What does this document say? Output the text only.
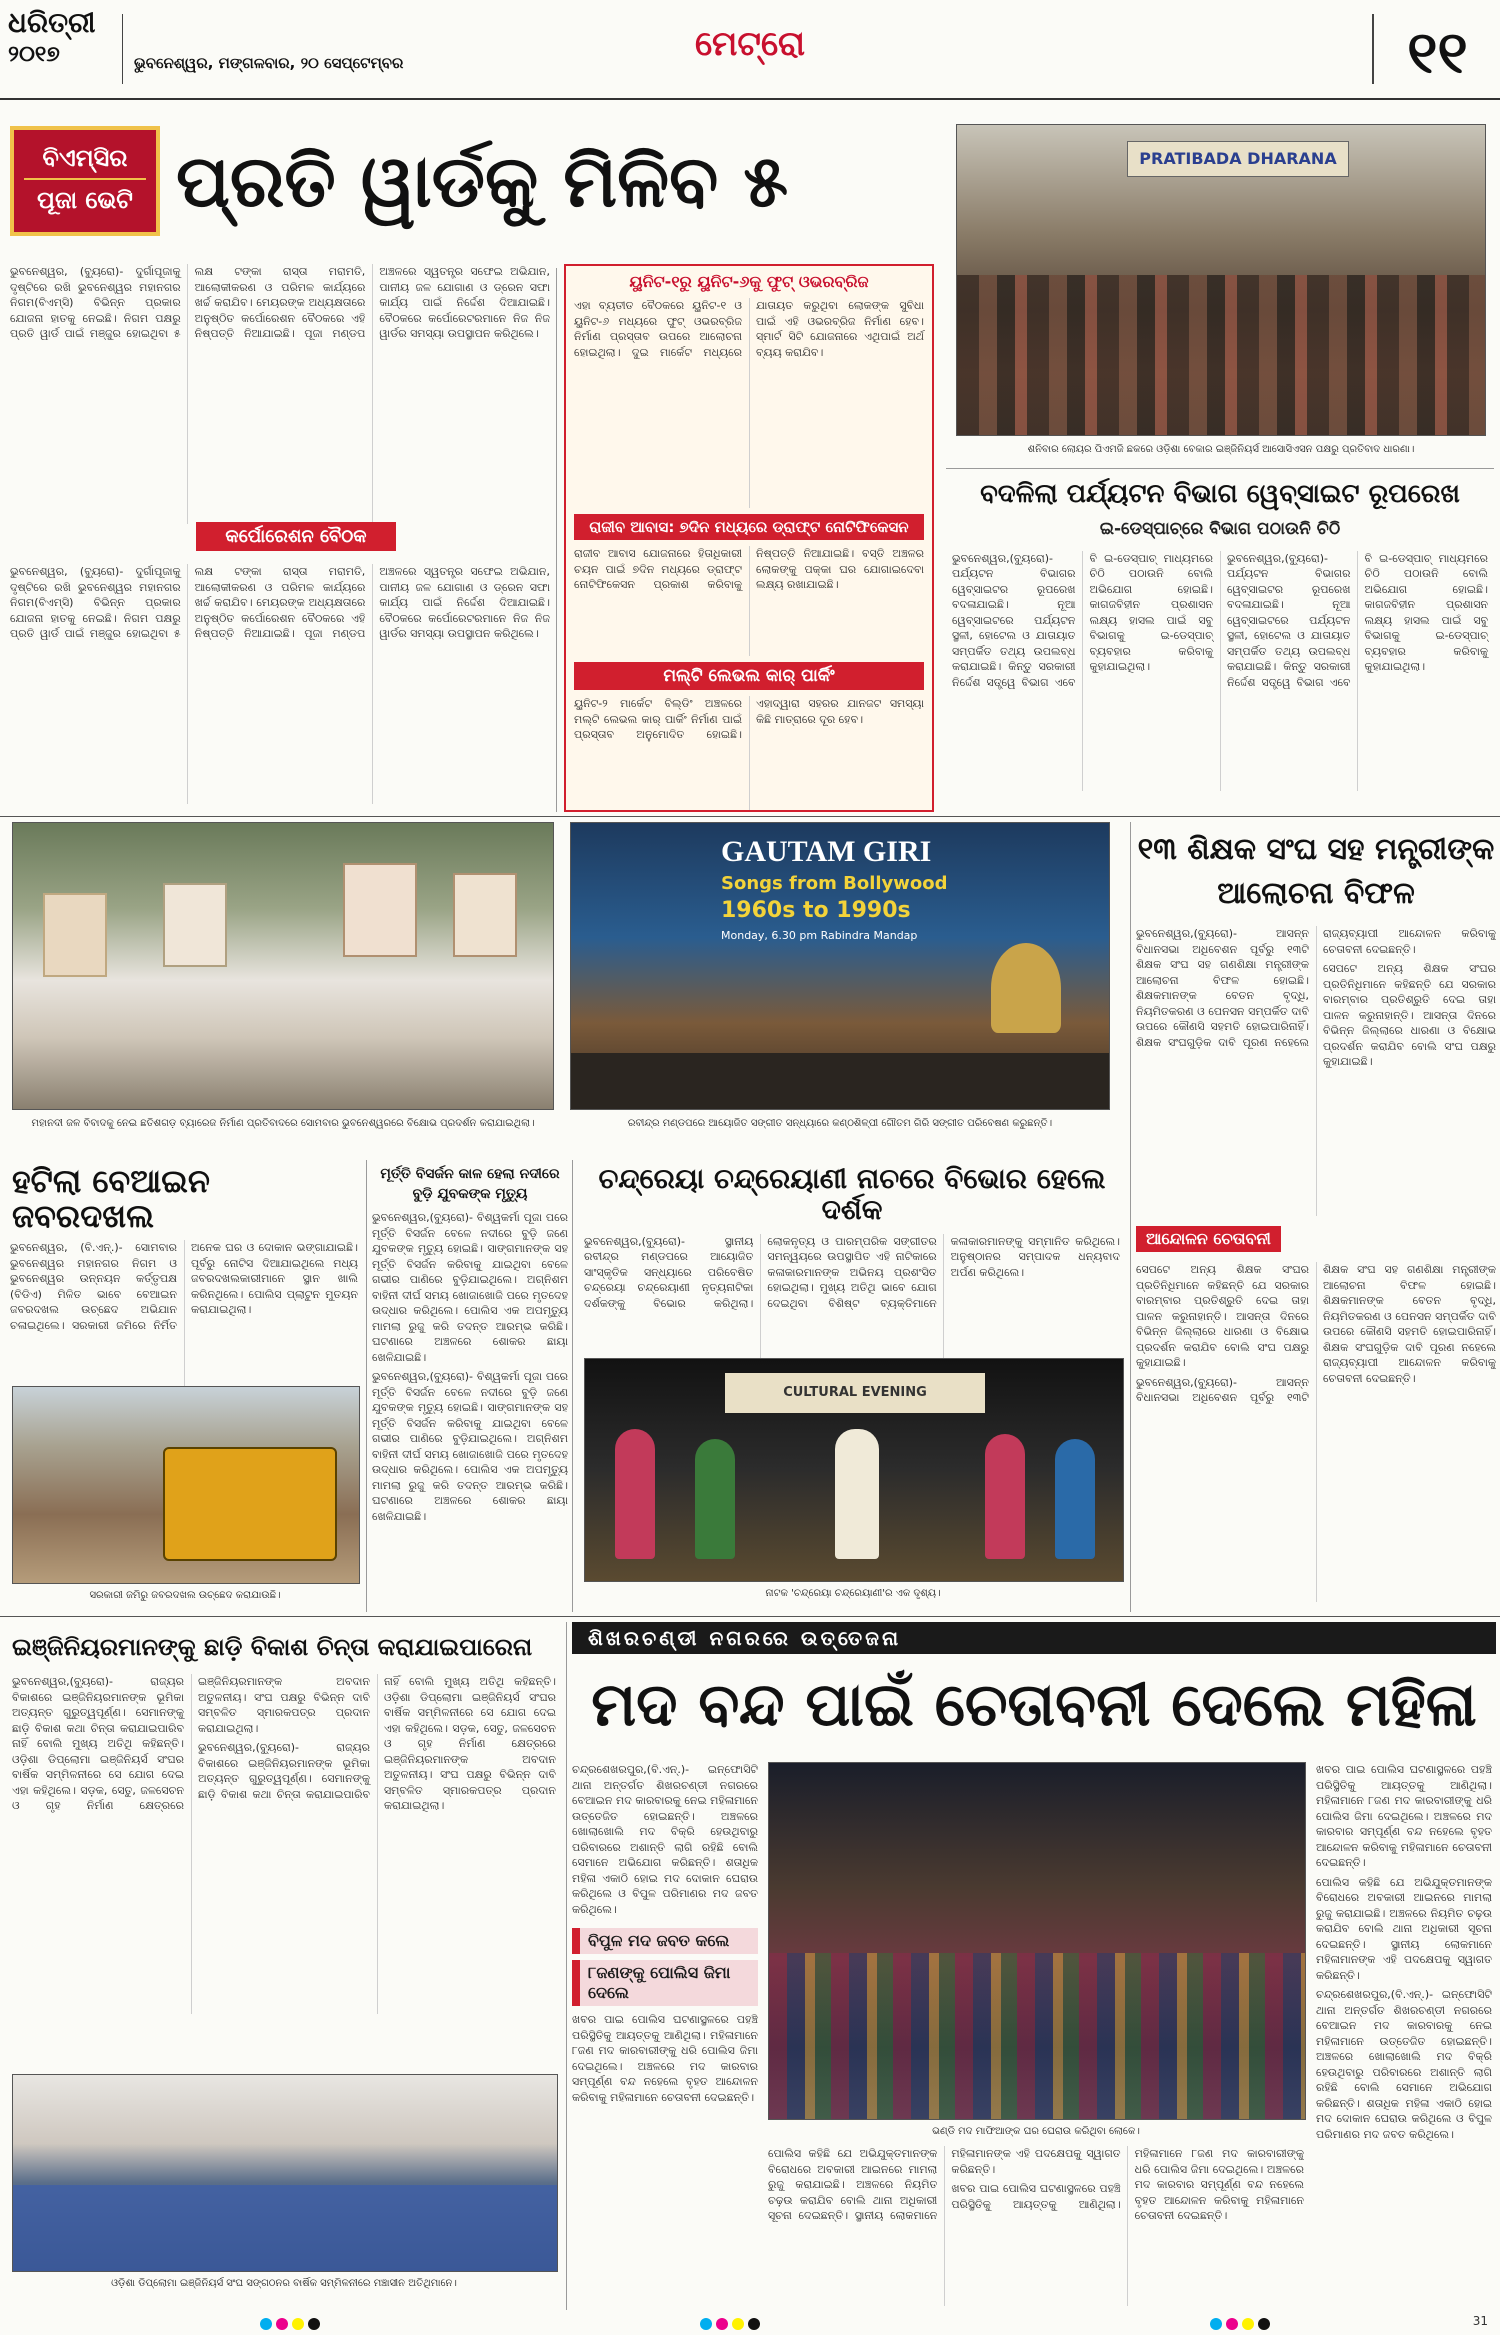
ଧରିତ୍ରୀ
୨୦୧୭	ଭୁବନେଶ୍ୱର, ମଙ୍ଗଳବାର, ୨୦ ସେପ୍ଟେମ୍ବର	ମେଟ୍ରୋ	୧୧
ବିଏମ୍‌ସିର
ପୂଜା ଭେଟି ପ୍ରତି ୱାର୍ଡକୁ ମିଳିବ ୫

ଭୁବନେଶ୍ୱର, (ବ୍ୟୁରୋ)- ଦୁର୍ଗାପୂଜାକୁ ଦୃଷ୍ଟିରେ ରଖି ଭୁବନେଶ୍ୱର ମହାନଗର ନିଗମ(ବିଏମ୍‌ସି) ବିଭିନ୍ନ ପ୍ରକାର ଯୋଜନା ହାତକୁ ନେଇଛି। ନିଗମ ପକ୍ଷରୁ ପ୍ରତି ୱାର୍ଡ ପାଇଁ ମଞ୍ଜୁର ହୋଇଥିବା ୫ ଲକ୍ଷ ଟଙ୍କା ରାସ୍ତା ମରାମତି, ଆଲୋକୀକରଣ ଓ ପରିମଳ କାର୍ଯ୍ୟରେ ଖର୍ଚ୍ଚ କରାଯିବ। ମେୟରଙ୍କ ଅଧ୍ୟକ୍ଷତାରେ ଅନୁଷ୍ଠିତ କର୍ପୋରେଶନ ବୈଠକରେ ଏହି ନିଷ୍ପତ୍ତି ନିଆଯାଇଛି। ପୂଜା ମଣ୍ଡପ ଅଞ୍ଚଳରେ ସ୍ୱତନ୍ତ୍ର ସଫେଇ ଅଭିଯାନ, ପାନୀୟ ଜଳ ଯୋଗାଣ ଓ ଡ୍ରେନ ସଫା କାର୍ଯ୍ୟ ପାଇଁ ନିର୍ଦ୍ଦେଶ ଦିଆଯାଇଛି। ବୈଠକରେ କର୍ପୋରେଟରମାନେ ନିଜ ନିଜ ୱାର୍ଡର ସମସ୍ୟା ଉପସ୍ଥାପନ କରିଥିଲେ।

କର୍ପୋରେଶନ ବୈଠକ

ଭୁବନେଶ୍ୱର, (ବ୍ୟୁରୋ)- ଦୁର୍ଗାପୂଜାକୁ ଦୃଷ୍ଟିରେ ରଖି ଭୁବନେଶ୍ୱର ମହାନଗର ନିଗମ(ବିଏମ୍‌ସି) ବିଭିନ୍ନ ପ୍ରକାର ଯୋଜନା ହାତକୁ ନେଇଛି। ନିଗମ ପକ୍ଷରୁ ପ୍ରତି ୱାର୍ଡ ପାଇଁ ମଞ୍ଜୁର ହୋଇଥିବା ୫ ଲକ୍ଷ ଟଙ୍କା ରାସ୍ତା ମରାମତି, ଆଲୋକୀକରଣ ଓ ପରିମଳ କାର୍ଯ୍ୟରେ ଖର୍ଚ୍ଚ କରାଯିବ। ମେୟରଙ୍କ ଅଧ୍ୟକ୍ଷତାରେ ଅନୁଷ୍ଠିତ କର୍ପୋରେଶନ ବୈଠକରେ ଏହି ନିଷ୍ପତ୍ତି ନିଆଯାଇଛି। ପୂଜା ମଣ୍ଡପ ଅଞ୍ଚଳରେ ସ୍ୱତନ୍ତ୍ର ସଫେଇ ଅଭିଯାନ, ପାନୀୟ ଜଳ ଯୋଗାଣ ଓ ଡ୍ରେନ ସଫା କାର୍ଯ୍ୟ ପାଇଁ ନିର୍ଦ୍ଦେଶ ଦିଆଯାଇଛି। ବୈଠକରେ କର୍ପୋରେଟରମାନେ ନିଜ ନିଜ ୱାର୍ଡର ସମସ୍ୟା ଉପସ୍ଥାପନ କରିଥିଲେ।

ୟୁନିଟ-୧ରୁ ୟୁନିଟ-୬କୁ ଫୁଟ୍ ଓଭରବ୍ରିଜ

ଏହା ବ୍ୟତୀତ ବୈଠକରେ ୟୁନିଟ-୧ ଓ ୟୁନିଟ-୬ ମଧ୍ୟରେ ଫୁଟ୍ ଓଭରବ୍ରିଜ ନିର୍ମାଣ ପ୍ରସ୍ତାବ ଉପରେ ଆଲୋଚନା ହୋଇଥିଲା। ଦୁଇ ମାର୍କେଟ ମଧ୍ୟରେ ଯାତାୟତ କରୁଥିବା ଲୋକଙ୍କ ସୁବିଧା ପାଇଁ ଏହି ଓଭରବ୍ରିଜ ନିର୍ମାଣ ହେବ। ସ୍ମାର୍ଟ ସିଟି ଯୋଜନାରେ ଏଥିପାଇଁ ଅର୍ଥ ବ୍ୟୟ କରାଯିବ।

ରାଜୀବ ଆବାସ: ୭ଦିନ ମଧ୍ୟରେ ଡ୍ରାଫ୍ଟ ନୋଟିଫିକେସନ

ରାଜୀବ ଆବାସ ଯୋଜନାରେ ହିତାଧିକାରୀ ଚୟନ ପାଇଁ ୭ଦିନ ମଧ୍ୟରେ ଡ୍ରାଫ୍ଟ ନୋଟିଫିକେସନ ପ୍ରକାଶ କରିବାକୁ ନିଷ୍ପତ୍ତି ନିଆଯାଇଛି। ବସ୍ତି ଅଞ୍ଚଳର ଲୋକଙ୍କୁ ପକ୍କା ଘର ଯୋଗାଇଦେବା ଲକ୍ଷ୍ୟ ରଖାଯାଇଛି।

ମଲ୍‌ଟି ଲେଭଲ କାର୍ ପାର୍କିଂ

ୟୁନିଟ-୨ ମାର୍କେଟ ବିଲ୍ଡିଂ ଅଞ୍ଚଳରେ ମଲ୍‌ଟି ଲେଭଲ କାର୍ ପାର୍କିଂ ନିର୍ମାଣ ପାଇଁ ପ୍ରସ୍ତାବ ଅନୁମୋଦିତ ହୋଇଛି। ଏହାଦ୍ୱାରା ସହରର ଯାନଜଟ ସମସ୍ୟା କିଛି ମାତ୍ରାରେ ଦୂର ହେବ।

PRATIBADA DHARANA
ଶନିବାର ଲୋୟର ପିଏମଜି ଛକରେ ଓଡ଼ିଶା ବେକାର ଇଞ୍ଜିନିୟର୍ସ ଆସୋସିଏସନ ପକ୍ଷରୁ ପ୍ରତିବାଦ ଧାରଣା।
ବଦଳିଲା ପର୍ଯ୍ୟଟନ ବିଭାଗ ୱେବ୍‌ସାଇଟ ରୂପରେଖ
ଇ-ଡେସ୍ପାଚ୍‌ରେ ବିଭାଗ ପଠାଉନି ଚିଠି

ଭୁବନେଶ୍ୱର,(ବ୍ୟୁରୋ)- ପର୍ଯ୍ୟଟନ ବିଭାଗର ୱେବ୍‌ସାଇଟର ରୂପରେଖ ବଦଳାଯାଇଛି। ନୂଆ ୱେବ୍‌ସାଇଟରେ ପର୍ଯ୍ୟଟନ ସ୍ଥଳୀ, ହୋଟେଲ ଓ ଯାତାୟାତ ସମ୍ପର୍କିତ ତଥ୍ୟ ଉପଲବ୍ଧ କରାଯାଇଛି। କିନ୍ତୁ ସରକାରୀ ନିର୍ଦ୍ଦେଶ ସତ୍ତ୍ୱେ ବିଭାଗ ଏବେ ବି ଇ-ଡେସ୍ପାଚ୍ ମାଧ୍ୟମରେ ଚିଠି ପଠାଉନି ବୋଲି ଅଭିଯୋଗ ହୋଇଛି। କାଗଜବିହୀନ ପ୍ରଶାସନ ଲକ୍ଷ୍ୟ ହାସଲ ପାଇଁ ସବୁ ବିଭାଗକୁ ଇ-ଡେସ୍ପାଚ୍ ବ୍ୟବହାର କରିବାକୁ କୁହାଯାଇଥିଲା।

ଭୁବନେଶ୍ୱର,(ବ୍ୟୁରୋ)- ପର୍ଯ୍ୟଟନ ବିଭାଗର ୱେବ୍‌ସାଇଟର ରୂପରେଖ ବଦଳାଯାଇଛି। ନୂଆ ୱେବ୍‌ସାଇଟରେ ପର୍ଯ୍ୟଟନ ସ୍ଥଳୀ, ହୋଟେଲ ଓ ଯାତାୟାତ ସମ୍ପର୍କିତ ତଥ୍ୟ ଉପଲବ୍ଧ କରାଯାଇଛି। କିନ୍ତୁ ସରକାରୀ ନିର୍ଦ୍ଦେଶ ସତ୍ତ୍ୱେ ବିଭାଗ ଏବେ ବି ଇ-ଡେସ୍ପାଚ୍ ମାଧ୍ୟମରେ ଚିଠି ପଠାଉନି ବୋଲି ଅଭିଯୋଗ ହୋଇଛି। କାଗଜବିହୀନ ପ୍ରଶାସନ ଲକ୍ଷ୍ୟ ହାସଲ ପାଇଁ ସବୁ ବିଭାଗକୁ ଇ-ଡେସ୍ପାଚ୍ ବ୍ୟବହାର କରିବାକୁ କୁହାଯାଇଥିଲା।

ମହାନଦୀ ଜଳ ବିବାଦକୁ ନେଇ ଛତିଶଗଡ଼ ବ୍ୟାରେଜ ନିର୍ମାଣ ପ୍ରତିବାଦରେ ସୋମବାର ଭୁବନେଶ୍ୱରରେ ବିକ୍ଷୋଭ ପ୍ରଦର୍ଶନ କରାଯାଇଥିଲା।
GAUTAM GIRI
Songs from Bollywood
1960s to 1990s
Monday, 6.30 pm Rabindra Mandap
ରବୀନ୍ଦ୍ର ମଣ୍ଡପରେ ଆୟୋଜିତ ସଙ୍ଗୀତ ସନ୍ଧ୍ୟାରେ କଣ୍ଠଶିଳ୍ପୀ ଗୌତମ ଗିରି ସଙ୍ଗୀତ ପରିବେଷଣ କରୁଛନ୍ତି।
୧୩ ଶିକ୍ଷକ ସଂଘ ସହ ମନ୍ତ୍ରୀଙ୍କ ଆଲୋଚନା ବିଫଳ

ଭୁବନେଶ୍ୱର,(ବ୍ୟୁରୋ)- ଆସନ୍ନ ବିଧାନସଭା ଅଧିବେଶନ ପୂର୍ବରୁ ୧୩ଟି ଶିକ୍ଷକ ସଂଘ ସହ ଗଣଶିକ୍ଷା ମନ୍ତ୍ରୀଙ୍କ ଆଲୋଚନା ବିଫଳ ହୋଇଛି। ଶିକ୍ଷକମାନଙ୍କ ବେତନ ବୃଦ୍ଧି, ନିୟମିତକରଣ ଓ ପେନସନ ସମ୍ପର୍କିତ ଦାବି ଉପରେ କୌଣସି ସହମତି ହୋଇପାରିନାହିଁ। ଶିକ୍ଷକ ସଂଘଗୁଡ଼ିକ ଦାବି ପୂରଣ ନହେଲେ ରାଜ୍ୟବ୍ୟାପୀ ଆନ୍ଦୋଳନ କରିବାକୁ ଚେତାବନୀ ଦେଇଛନ୍ତି।

ସେପଟେ ଅନ୍ୟ ଶିକ୍ଷକ ସଂଘର ପ୍ରତିନିଧିମାନେ କହିଛନ୍ତି ଯେ ସରକାର ବାରମ୍ବାର ପ୍ରତିଶ୍ରୁତି ଦେଇ ତାହା ପାଳନ କରୁନାହାନ୍ତି। ଆସନ୍ତା ଦିନରେ ବିଭିନ୍ନ ଜିଲ୍ଲାରେ ଧାରଣା ଓ ବିକ୍ଷୋଭ ପ୍ରଦର୍ଶନ କରାଯିବ ବୋଲି ସଂଘ ପକ୍ଷରୁ କୁହାଯାଇଛି।

ଆନ୍ଦୋଳନ ଚେତାବନୀ

ସେପଟେ ଅନ୍ୟ ଶିକ୍ଷକ ସଂଘର ପ୍ରତିନିଧିମାନେ କହିଛନ୍ତି ଯେ ସରକାର ବାରମ୍ବାର ପ୍ରତିଶ୍ରୁତି ଦେଇ ତାହା ପାଳନ କରୁନାହାନ୍ତି। ଆସନ୍ତା ଦିନରେ ବିଭିନ୍ନ ଜିଲ୍ଲାରେ ଧାରଣା ଓ ବିକ୍ଷୋଭ ପ୍ରଦର୍ଶନ କରାଯିବ ବୋଲି ସଂଘ ପକ୍ଷରୁ କୁହାଯାଇଛି।

ଭୁବନେଶ୍ୱର,(ବ୍ୟୁରୋ)- ଆସନ୍ନ ବିଧାନସଭା ଅଧିବେଶନ ପୂର୍ବରୁ ୧୩ଟି ଶିକ୍ଷକ ସଂଘ ସହ ଗଣଶିକ୍ଷା ମନ୍ତ୍ରୀଙ୍କ ଆଲୋଚନା ବିଫଳ ହୋଇଛି। ଶିକ୍ଷକମାନଙ୍କ ବେତନ ବୃଦ୍ଧି, ନିୟମିତକରଣ ଓ ପେନସନ ସମ୍ପର୍କିତ ଦାବି ଉପରେ କୌଣସି ସହମତି ହୋଇପାରିନାହିଁ। ଶିକ୍ଷକ ସଂଘଗୁଡ଼ିକ ଦାବି ପୂରଣ ନହେଲେ ରାଜ୍ୟବ୍ୟାପୀ ଆନ୍ଦୋଳନ କରିବାକୁ ଚେତାବନୀ ଦେଇଛନ୍ତି।

ହଟିଲା ବେଆଇନ ଜବରଦଖଲ

ଭୁବନେଶ୍ୱର, (ବି.ଏନ୍‌.)- ସୋମବାର ଭୁବନେଶ୍ୱର ମହାନଗର ନିଗମ ଓ ଭୁବନେଶ୍ୱର ଉନ୍ନୟନ କର୍ତ୍ତୃପକ୍ଷ (ବିଡିଏ) ମିଳିତ ଭାବେ ବେଆଇନ ଜବରଦଖଲ ଉଚ୍ଛେଦ ଅଭିଯାନ ଚଳାଇଥିଲେ। ସରକାରୀ ଜମିରେ ନିର୍ମିତ ଅନେକ ଘର ଓ ଦୋକାନ ଭଙ୍ଗାଯାଇଛି। ପୂର୍ବରୁ ନୋଟିସ ଦିଆଯାଇଥିଲେ ମଧ୍ୟ ଜବରଦଖଲକାରୀମାନେ ସ୍ଥାନ ଖାଲି କରିନଥିଲେ। ପୋଲିସ ପ୍ଲାଟୁନ ମୁତୟନ କରାଯାଇଥିଲା।

ସରକାରୀ ଜମିରୁ ଜବରଦଖଲ ଉଚ୍ଛେଦ କରାଯାଉଛି।
ମୂର୍ତ୍ତି ବିସର୍ଜନ କାଳ ହେଲା ନଦୀରେ ବୁଡ଼ି ଯୁବକଙ୍କ ମୃତ୍ୟୁ

ଭୁବନେଶ୍ୱର,(ବ୍ୟୁରୋ)- ବିଶ୍ୱକର୍ମା ପୂଜା ପରେ ମୂର୍ତ୍ତି ବିସର୍ଜନ ବେଳେ ନଦୀରେ ବୁଡ଼ି ଜଣେ ଯୁବକଙ୍କ ମୃତ୍ୟୁ ହୋଇଛି। ସାଙ୍ଗମାନଙ୍କ ସହ ମୂର୍ତ୍ତି ବିସର୍ଜନ କରିବାକୁ ଯାଇଥିବା ବେଳେ ଗଭୀର ପାଣିରେ ବୁଡ଼ିଯାଇଥିଲେ। ଅଗ୍ନିଶମ ବାହିନୀ ଦୀର୍ଘ ସମୟ ଖୋଜାଖୋଜି ପରେ ମୃତଦେହ ଉଦ୍ଧାର କରିଥିଲେ। ପୋଲିସ ଏକ ଅପମୃତ୍ୟୁ ମାମଲା ରୁଜୁ କରି ତଦନ୍ତ ଆରମ୍ଭ କରିଛି। ଘଟଣାରେ ଅଞ୍ଚଳରେ ଶୋକର ଛାୟା ଖେଳିଯାଇଛି।

ଭୁବନେଶ୍ୱର,(ବ୍ୟୁରୋ)- ବିଶ୍ୱକର୍ମା ପୂଜା ପରେ ମୂର୍ତ୍ତି ବିସର୍ଜନ ବେଳେ ନଦୀରେ ବୁଡ଼ି ଜଣେ ଯୁବକଙ୍କ ମୃତ୍ୟୁ ହୋଇଛି। ସାଙ୍ଗମାନଙ୍କ ସହ ମୂର୍ତ୍ତି ବିସର୍ଜନ କରିବାକୁ ଯାଇଥିବା ବେଳେ ଗଭୀର ପାଣିରେ ବୁଡ଼ିଯାଇଥିଲେ। ଅଗ୍ନିଶମ ବାହିନୀ ଦୀର୍ଘ ସମୟ ଖୋଜାଖୋଜି ପରେ ମୃତଦେହ ଉଦ୍ଧାର କରିଥିଲେ। ପୋଲିସ ଏକ ଅପମୃତ୍ୟୁ ମାମଲା ରୁଜୁ କରି ତଦନ୍ତ ଆରମ୍ଭ କରିଛି। ଘଟଣାରେ ଅଞ୍ଚଳରେ ଶୋକର ଛାୟା ଖେଳିଯାଇଛି।

ଚନ୍ଦ୍ରେୟା ଚନ୍ଦ୍ରେୟାଣୀ ନାଚରେ ବିଭୋର ହେଲେ ଦର୍ଶକ

ଭୁବନେଶ୍ୱର,(ବ୍ୟୁରୋ)- ସ୍ଥାନୀୟ ରବୀନ୍ଦ୍ର ମଣ୍ଡପରେ ଆୟୋଜିତ ସାଂସ୍କୃତିକ ସନ୍ଧ୍ୟାରେ ପରିବେଷିତ ଚନ୍ଦ୍ରେୟା ଚନ୍ଦ୍ରେୟାଣୀ ନୃତ୍ୟନାଟିକା ଦର୍ଶକଙ୍କୁ ବିଭୋର କରିଥିଲା। ଲୋକନୃତ୍ୟ ଓ ପାରମ୍ପରିକ ସଙ୍ଗୀତର ସମନ୍ୱୟରେ ଉପସ୍ଥାପିତ ଏହି ନାଟିକାରେ କଳାକାରମାନଙ୍କ ଅଭିନୟ ପ୍ରଶଂସିତ ହୋଇଥିଲା। ମୁଖ୍ୟ ଅତିଥି ଭାବେ ଯୋଗ ଦେଇଥିବା ବିଶିଷ୍ଟ ବ୍ୟକ୍ତିମାନେ କଳାକାରମାନଙ୍କୁ ସମ୍ମାନିତ କରିଥିଲେ। ଅନୁଷ୍ଠାନର ସମ୍ପାଦକ ଧନ୍ୟବାଦ ଅର୍ପଣ କରିଥିଲେ।

CULTURAL EVENING
ନାଟକ 'ଚନ୍ଦ୍ରେୟା ଚନ୍ଦ୍ରେୟାଣୀ'ର ଏକ ଦୃଶ୍ୟ।
ଇଞ୍ଜିନିୟରମାନଙ୍କୁ ଛାଡ଼ି ବିକାଶ ଚିନ୍ତା କରାଯାଇପାରେନା

ଭୁବନେଶ୍ୱର,(ବ୍ୟୁରୋ)- ରାଜ୍ୟର ବିକାଶରେ ଇଞ୍ଜିନିୟରମାନଙ୍କ ଭୂମିକା ଅତ୍ୟନ୍ତ ଗୁରୁତ୍ୱପୂର୍ଣ୍ଣ। ସେମାନଙ୍କୁ ଛାଡ଼ି ବିକାଶ କଥା ଚିନ୍ତା କରାଯାଇପାରିବ ନାହିଁ ବୋଲି ମୁଖ୍ୟ ଅତିଥି କହିଛନ୍ତି। ଓଡ଼ିଶା ଡିପ୍ଲୋମା ଇଞ୍ଜିନିୟର୍ସ ସଂଘର ବାର୍ଷିକ ସମ୍ମିଳନୀରେ ସେ ଯୋଗ ଦେଇ ଏହା କହିଥିଲେ। ସଡ଼କ, ସେତୁ, ଜଳସେଚନ ଓ ଗୃହ ନିର୍ମାଣ କ୍ଷେତ୍ରରେ ଇଞ୍ଜିନିୟରମାନଙ୍କ ଅବଦାନ ଅତୁଳନୀୟ। ସଂଘ ପକ୍ଷରୁ ବିଭିନ୍ନ ଦାବି ସମ୍ବଳିତ ସ୍ମାରକପତ୍ର ପ୍ରଦାନ କରାଯାଇଥିଲା।

ଭୁବନେଶ୍ୱର,(ବ୍ୟୁରୋ)- ରାଜ୍ୟର ବିକାଶରେ ଇଞ୍ଜିନିୟରମାନଙ୍କ ଭୂମିକା ଅତ୍ୟନ୍ତ ଗୁରୁତ୍ୱପୂର୍ଣ୍ଣ। ସେମାନଙ୍କୁ ଛାଡ଼ି ବିକାଶ କଥା ଚିନ୍ତା କରାଯାଇପାରିବ ନାହିଁ ବୋଲି ମୁଖ୍ୟ ଅତିଥି କହିଛନ୍ତି। ଓଡ଼ିଶା ଡିପ୍ଲୋମା ଇଞ୍ଜିନିୟର୍ସ ସଂଘର ବାର୍ଷିକ ସମ୍ମିଳନୀରେ ସେ ଯୋଗ ଦେଇ ଏହା କହିଥିଲେ। ସଡ଼କ, ସେତୁ, ଜଳସେଚନ ଓ ଗୃହ ନିର୍ମାଣ କ୍ଷେତ୍ରରେ ଇଞ୍ଜିନିୟରମାନଙ୍କ ଅବଦାନ ଅତୁଳନୀୟ। ସଂଘ ପକ୍ଷରୁ ବିଭିନ୍ନ ଦାବି ସମ୍ବଳିତ ସ୍ମାରକପତ୍ର ପ୍ରଦାନ କରାଯାଇଥିଲା।

ଓଡ଼ିଶା ଡିପ୍ଲୋମା ଇଞ୍ଜିନିୟର୍ସ ସଂଘ ସଙ୍ଗଠନର ବାର୍ଷିକ ସମ୍ମିଳନୀରେ ମଞ୍ଚାସୀନ ଅତିଥିମାନେ।
ଶିଖରଚଣ୍ଡୀ ନଗରରେ ଉତ୍ତେଜନା
ମଦ ବନ୍ଦ ପାଇଁ ଚେତାବନୀ ଦେଲେ ମହିଳା

ଚନ୍ଦ୍ରଶେଖରପୁର,(ବି.ଏନ୍‌.)- ଇନ୍‌ଫୋସିଟି ଥାନା ଅନ୍ତର୍ଗତ ଶିଖରଚଣ୍ଡୀ ନଗରରେ ବେଆଇନ ମଦ କାରବାରକୁ ନେଇ ମହିଳାମାନେ ଉତ୍ତେଜିତ ହୋଇଛନ୍ତି। ଅଞ୍ଚଳରେ ଖୋଲାଖୋଲି ମଦ ବିକ୍ରି ହେଉଥିବାରୁ ପରିବାରରେ ଅଶାନ୍ତି ଲାଗି ରହିଛି ବୋଲି ସେମାନେ ଅଭିଯୋଗ କରିଛନ୍ତି। ଶତାଧିକ ମହିଳା ଏକାଠି ହୋଇ ମଦ ଦୋକାନ ଘେରାଉ କରିଥିଲେ ଓ ବିପୁଳ ପରିମାଣର ମଦ ଜବତ କରିଥିଲେ।

ବିପୁଳ ମଦ ଜବତ କଲେ
୮ଜଣଙ୍କୁ ପୋଲିସ ଜିମା ଦେଲେ

ଖବର ପାଇ ପୋଲିସ ଘଟଣାସ୍ଥଳରେ ପହଞ୍ଚି ପରିସ୍ଥିତିକୁ ଆୟତ୍ତକୁ ଆଣିଥିଲା। ମହିଳାମାନେ ୮ଜଣ ମଦ କାରବାରୀଙ୍କୁ ଧରି ପୋଲିସ ଜିମା ଦେଇଥିଲେ। ଅଞ୍ଚଳରେ ମଦ କାରବାର ସମ୍ପୂର୍ଣ୍ଣ ବନ୍ଦ ନହେଲେ ବୃହତ ଆନ୍ଦୋଳନ କରିବାକୁ ମହିଳାମାନେ ଚେତାବନୀ ଦେଇଛନ୍ତି।

ଭଣ୍ଡି ମଦ ମାଫିଆଙ୍କ ଘର ଘେରାଉ କରିଥିବା ଲୋକେ।

ପୋଲିସ କହିଛି ଯେ ଅଭିଯୁକ୍ତମାନଙ୍କ ବିରୋଧରେ ଅବକାରୀ ଆଇନରେ ମାମଲା ରୁଜୁ କରାଯାଇଛି। ଅଞ୍ଚଳରେ ନିୟମିତ ଚଢ଼ଉ କରାଯିବ ବୋଲି ଥାନା ଅଧିକାରୀ ସୂଚନା ଦେଇଛନ୍ତି। ସ୍ଥାନୀୟ ଲୋକମାନେ ମହିଳାମାନଙ୍କ ଏହି ପଦକ୍ଷେପକୁ ସ୍ୱାଗତ କରିଛନ୍ତି।

ଖବର ପାଇ ପୋଲିସ ଘଟଣାସ୍ଥଳରେ ପହଞ୍ଚି ପରିସ୍ଥିତିକୁ ଆୟତ୍ତକୁ ଆଣିଥିଲା। ମହିଳାମାନେ ୮ଜଣ ମଦ କାରବାରୀଙ୍କୁ ଧରି ପୋଲିସ ଜିମା ଦେଇଥିଲେ। ଅଞ୍ଚଳରେ ମଦ କାରବାର ସମ୍ପୂର୍ଣ୍ଣ ବନ୍ଦ ନହେଲେ ବୃହତ ଆନ୍ଦୋଳନ କରିବାକୁ ମହିଳାମାନେ ଚେତାବନୀ ଦେଇଛନ୍ତି।

ଖବର ପାଇ ପୋଲିସ ଘଟଣାସ୍ଥଳରେ ପହଞ୍ଚି ପରିସ୍ଥିତିକୁ ଆୟତ୍ତକୁ ଆଣିଥିଲା। ମହିଳାମାନେ ୮ଜଣ ମଦ କାରବାରୀଙ୍କୁ ଧରି ପୋଲିସ ଜିମା ଦେଇଥିଲେ। ଅଞ୍ଚଳରେ ମଦ କାରବାର ସମ୍ପୂର୍ଣ୍ଣ ବନ୍ଦ ନହେଲେ ବୃହତ ଆନ୍ଦୋଳନ କରିବାକୁ ମହିଳାମାନେ ଚେତାବନୀ ଦେଇଛନ୍ତି।

ପୋଲିସ କହିଛି ଯେ ଅଭିଯୁକ୍ତମାନଙ୍କ ବିରୋଧରେ ଅବକାରୀ ଆଇନରେ ମାମଲା ରୁଜୁ କରାଯାଇଛି। ଅଞ୍ଚଳରେ ନିୟମିତ ଚଢ଼ଉ କରାଯିବ ବୋଲି ଥାନା ଅଧିକାରୀ ସୂଚନା ଦେଇଛନ୍ତି। ସ୍ଥାନୀୟ ଲୋକମାନେ ମହିଳାମାନଙ୍କ ଏହି ପଦକ୍ଷେପକୁ ସ୍ୱାଗତ କରିଛନ୍ତି।

ଚନ୍ଦ୍ରଶେଖରପୁର,(ବି.ଏନ୍‌.)- ଇନ୍‌ଫୋସିଟି ଥାନା ଅନ୍ତର୍ଗତ ଶିଖରଚଣ୍ଡୀ ନଗରରେ ବେଆଇନ ମଦ କାରବାରକୁ ନେଇ ମହିଳାମାନେ ଉତ୍ତେଜିତ ହୋଇଛନ୍ତି। ଅଞ୍ଚଳରେ ଖୋଲାଖୋଲି ମଦ ବିକ୍ରି ହେଉଥିବାରୁ ପରିବାରରେ ଅଶାନ୍ତି ଲାଗି ରହିଛି ବୋଲି ସେମାନେ ଅଭିଯୋଗ କରିଛନ୍ତି। ଶତାଧିକ ମହିଳା ଏକାଠି ହୋଇ ମଦ ଦୋକାନ ଘେରାଉ କରିଥିଲେ ଓ ବିପୁଳ ପରିମାଣର ମଦ ଜବତ କରିଥିଲେ।

31
